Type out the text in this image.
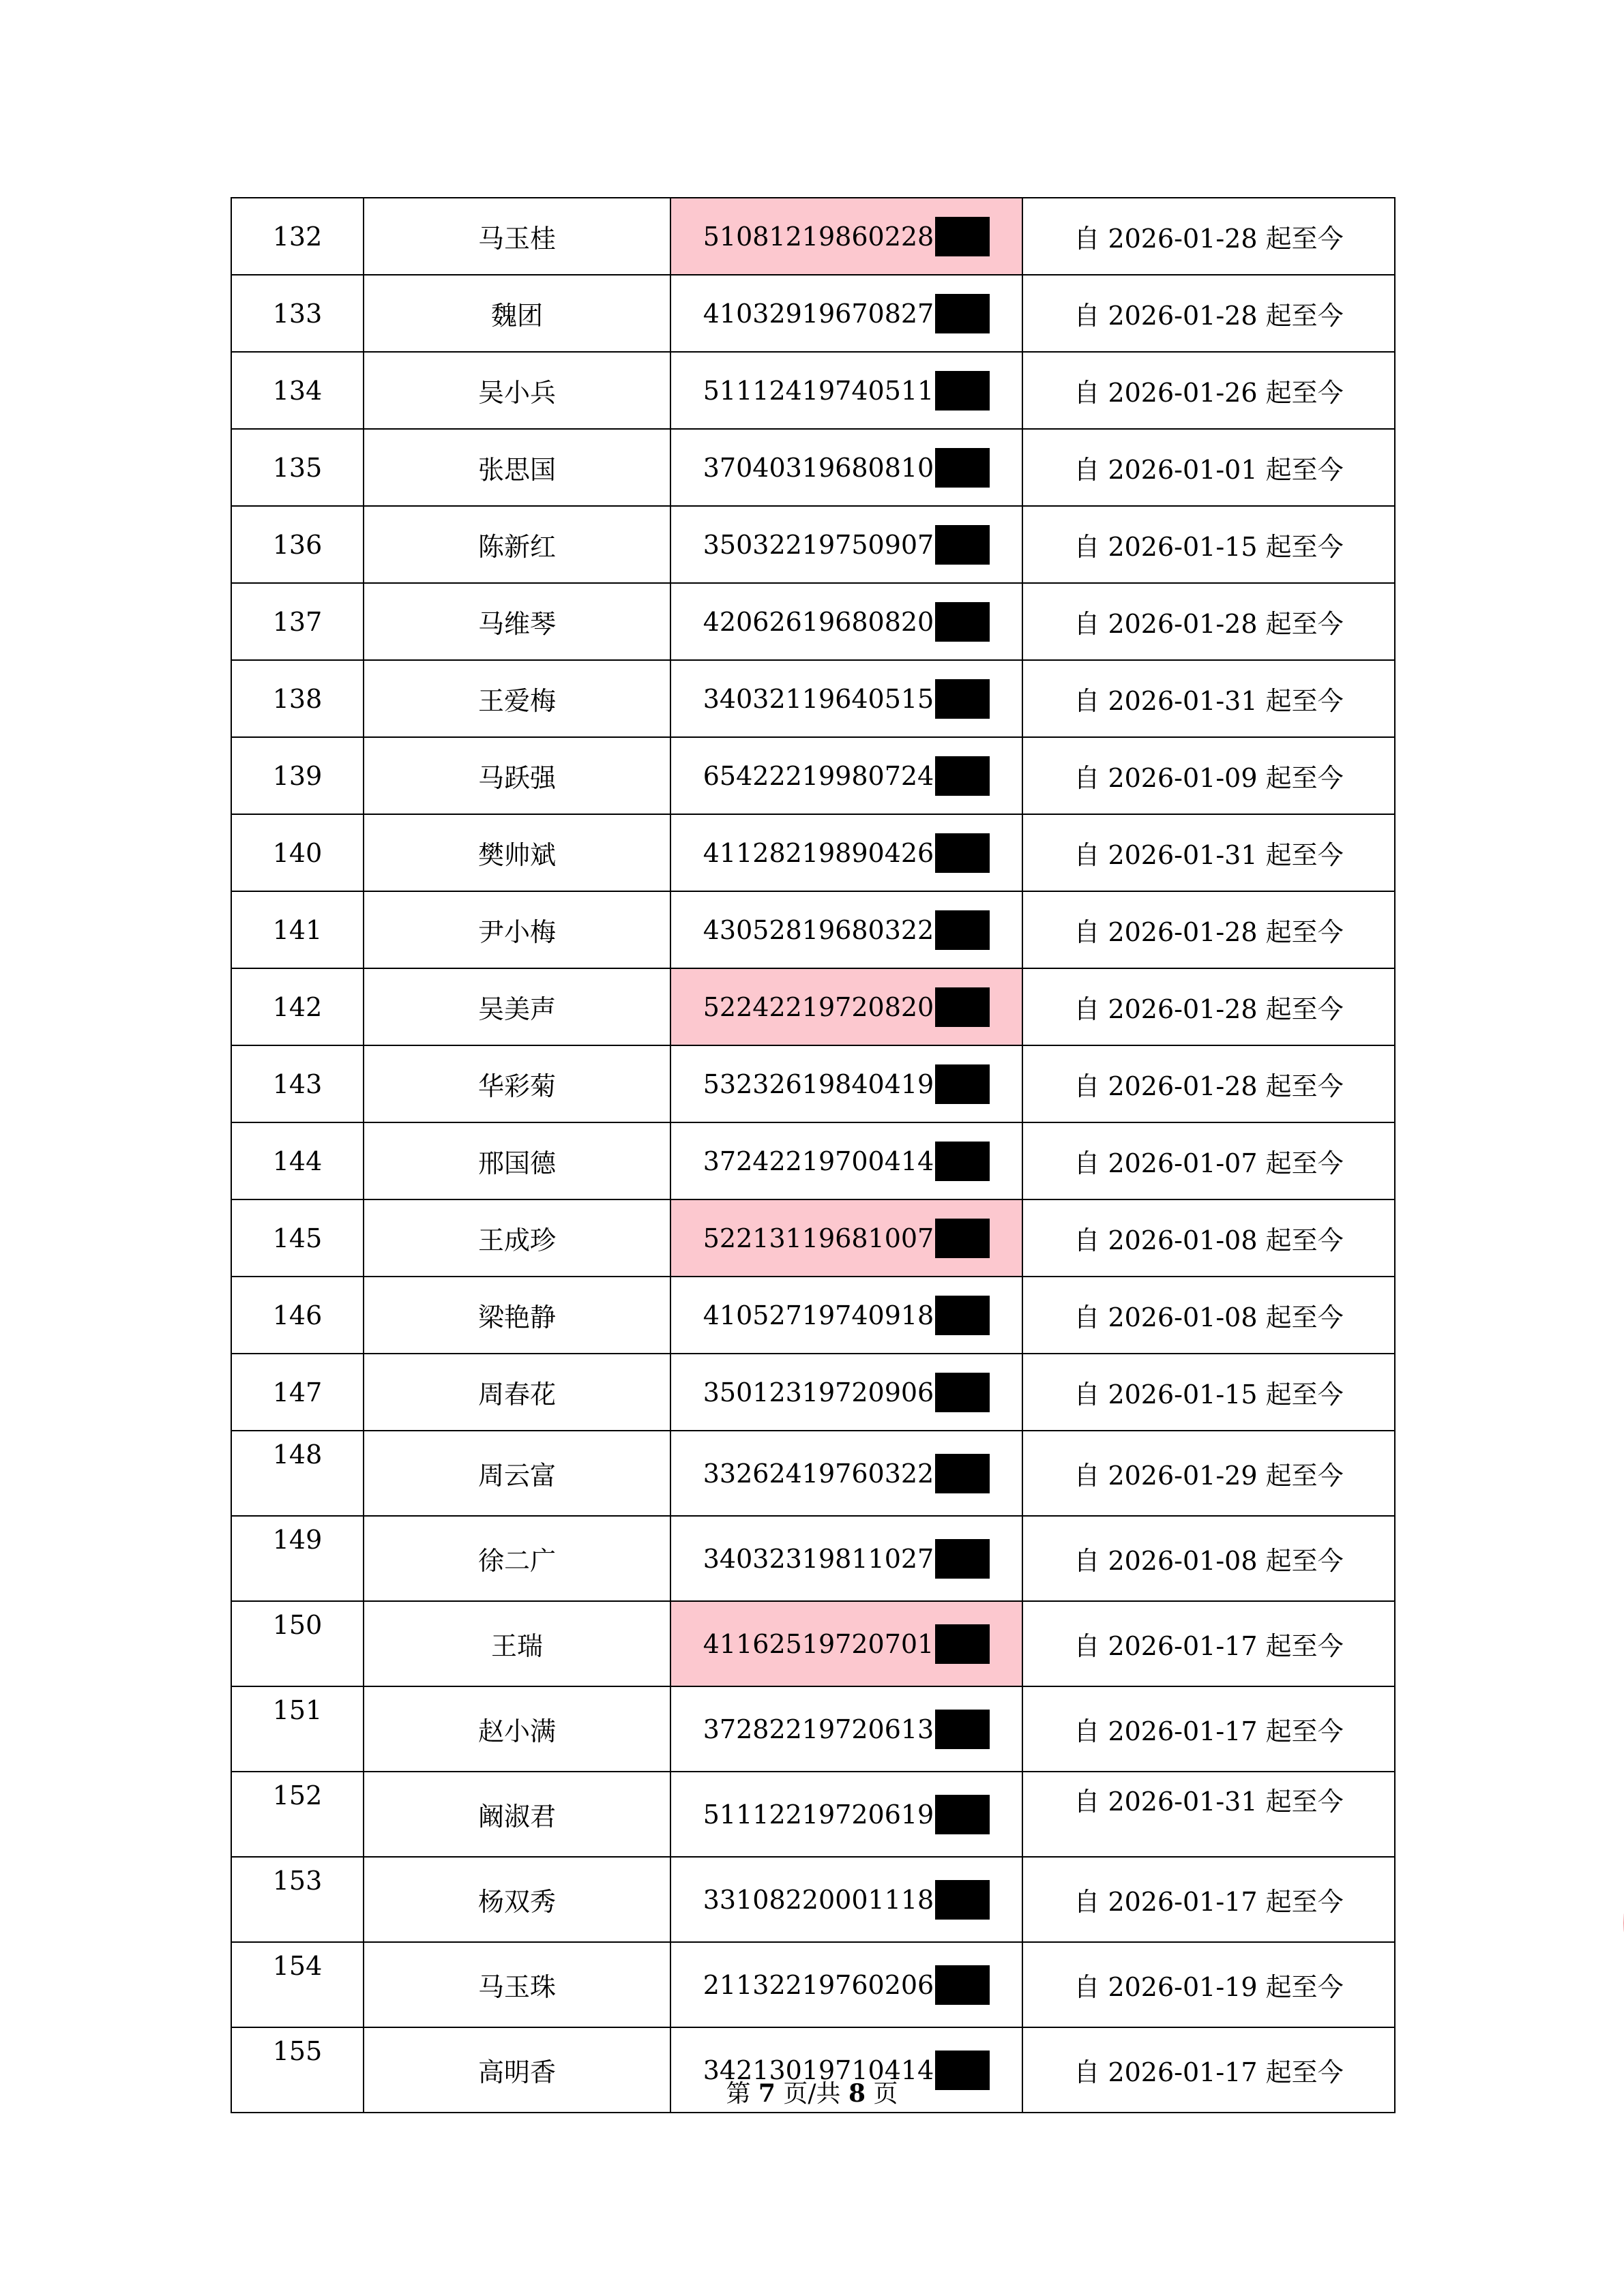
132	马玉桂	51081219860228	自 2026-01-28 起至今
133	魏团	41032919670827	自 2026-01-28 起至今
134	吴小兵	51112419740511	自 2026-01-26 起至今
135	张思国	37040319680810	自 2026-01-01 起至今
136	陈新红	35032219750907	自 2026-01-15 起至今
137	马维琴	42062619680820	自 2026-01-28 起至今
138	王爱梅	34032119640515	自 2026-01-31 起至今
139	马跃强	65422219980724	自 2026-01-09 起至今
140	樊帅斌	41128219890426	自 2026-01-31 起至今
141	尹小梅	43052819680322	自 2026-01-28 起至今
142	吴美声	52242219720820	自 2026-01-28 起至今
143	华彩菊	53232619840419	自 2026-01-28 起至今
144	邢国德	37242219700414	自 2026-01-07 起至今
145	王成珍	52213119681007	自 2026-01-08 起至今
146	梁艳静	41052719740918	自 2026-01-08 起至今
147	周春花	35012319720906	自 2026-01-15 起至今
148	周云富	33262419760322	自 2026-01-29 起至今
149	徐二广	34032319811027	自 2026-01-08 起至今
150	王瑞	41162519720701	自 2026-01-17 起至今
151	赵小满	37282219720613	自 2026-01-17 起至今
152	阚淑君	51112219720619	自 2026-01-31 起至今
153	杨双秀	33108220001118	自 2026-01-17 起至今
154	马玉珠	21132219760206	自 2026-01-19 起至今
155	高明香	34213019710414	自 2026-01-17 起至今
第 7 页/共 8 页
